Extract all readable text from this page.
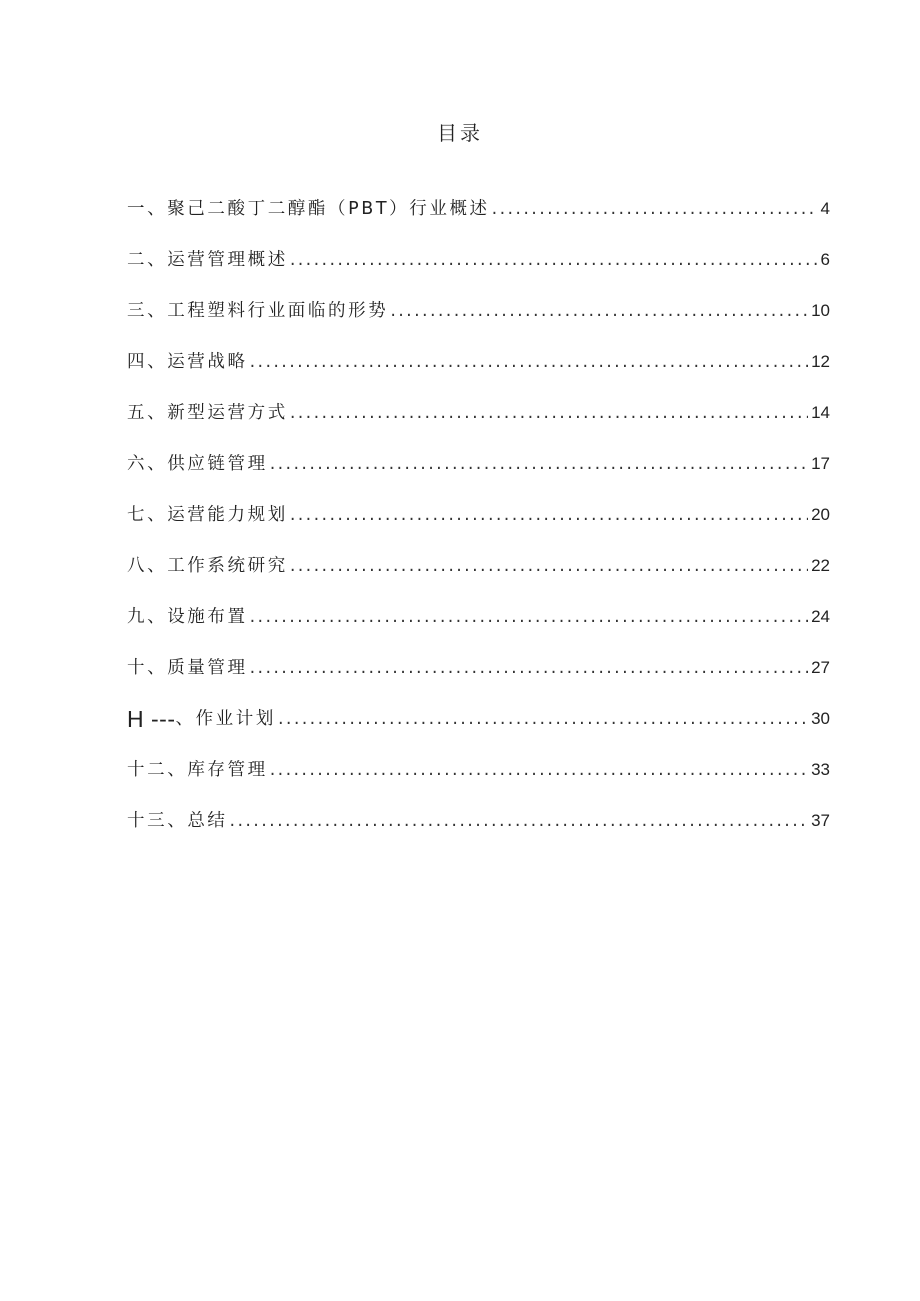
目录
一、 聚己二酸丁二醇酯（PBT）行业概述 . . .	4
二、 运营管理概述 . . .	6
三、 工程塑料行业面临的形势 . . .	10
四、 运营战略 . . .	12
五、 新型运营方式 . . .	14
六、 供应链管理 . . .	17
七、 运营能力规划 . . .	20
八、 工作系统研究 . . .	22
九、 设施布置 . . .	24
十、 质量管理 . . .	27
H --- 、作业计划 . . .	30
十二、 库存管理 . . .	33
十三、 总结 . . .	37
